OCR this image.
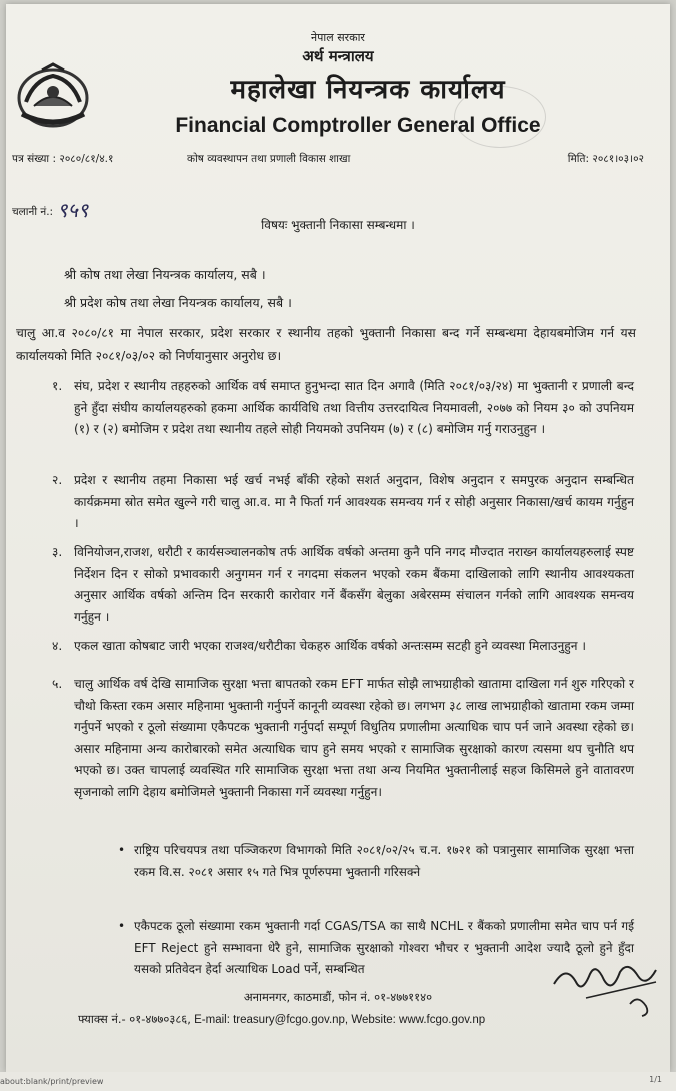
नेपाल सरकार
अर्थ मन्त्रालय
महालेखा नियन्त्रक कार्यालय
Financial Comptroller General Office
पत्र संख्या : २०८०/८१/४.१	कोष व्यवस्थापन तथा प्रणाली विकास शाखा	मिति: २०८१।०३।०२
चलानी नं.: ९५९
विषयः भुक्तानी निकासा सम्बन्धमा ।
श्री कोष तथा लेखा नियन्त्रक कार्यालय, सबै ।
श्री प्रदेश कोष तथा लेखा नियन्त्रक कार्यालय, सबै ।
चालु आ.व २०८०/८१ मा नेपाल सरकार, प्रदेश सरकार र स्थानीय तहको भुक्तानी निकासा बन्द गर्ने सम्बन्धमा देहायबमोजिम गर्न यस कार्यालयको मिति २०८१/०३/०२ को निर्णयानुसार अनुरोध छ।
१. संघ, प्रदेश र स्थानीय तहहरुको आर्थिक वर्ष समाप्त हुनुभन्दा सात दिन अगावै (मिति २०८१/०३/२४) मा भुक्तानी र प्रणाली बन्द हुने हुँदा संघीय कार्यालयहरुको हकमा आर्थिक कार्यविधि तथा वित्तीय उत्तरदायित्व नियमावली, २०७७ को नियम ३० को उपनियम (१) र (२) बमोजिम र प्रदेश तथा स्थानीय तहले सोही नियमको उपनियम (७) र (८) बमोजिम गर्नु गराउनुहुन ।
२. प्रदेश र स्थानीय तहमा निकासा भई खर्च नभई बाँकी रहेको सशर्त अनुदान, विशेष अनुदान र समपुरक अनुदान सम्बन्धित कार्यक्रममा स्रोत समेत खुल्ने गरी चालु आ.व. मा नै फिर्ता गर्न आवश्यक समन्वय गर्न र सोही अनुसार निकासा/खर्च कायम गर्नुहुन ।
३. विनियोजन,राजश, धरौटी र कार्यसञ्चालनकोष तर्फ आर्थिक वर्षको अन्तमा कुनै पनि नगद मौज्दात नराख्न कार्यालयहरुलाई स्पष्ट निर्देशन दिन र सोको प्रभावकारी अनुगमन गर्न र नगदमा संकलन भएको रकम बैंकमा दाखिलाको लागि स्थानीय आवश्यकता अनुसार आर्थिक वर्षको अन्तिम दिन सरकारी कारोवार गर्ने बैंकसँग बेलुका अबेरसम्म संचालन गर्नको लागि आवश्यक समन्वय गर्नुहुन ।
४. एकल खाता कोषबाट जारी भएका राजश्व/धरौटीका चेकहरु आर्थिक वर्षको अन्तःसम्म सटही हुने व्यवस्था मिलाउनुहुन ।
५. चालु आर्थिक वर्ष देखि सामाजिक सुरक्षा भत्ता बापतको रकम EFT मार्फत सोझै लाभग्राहीको खातामा दाखिला गर्न शुरु गरिएको र चौथो किस्ता रकम असार महिनामा भुक्तानी गर्नुपर्ने कानूनी व्यवस्था रहेको छ। लगभग ३८ लाख लाभग्राहीको खातामा रकम जम्मा गर्नुपर्ने भएको र ठूलो संख्यामा एकैपटक भुक्तानी गर्नुपर्दा सम्पूर्ण विधुतिय प्रणालीमा अत्याधिक चाप पर्न जाने अवस्था रहेको छ। असार महिनामा अन्य कारोबारको समेत अत्याधिक चाप हुने समय भएको र सामाजिक सुरक्षाको कारण त्यसमा थप चुनौति थप भएको छ। उक्त चापलाई व्यवस्थित गरि सामाजिक सुरक्षा भत्ता तथा अन्य नियमित भुक्तानीलाई सहज किसिमले हुने वातावरण सृजनाको लागि देहाय बमोजिमले भुक्तानी निकासा गर्ने व्यवस्था गर्नुहुन।
• राष्ट्रिय परिचयपत्र तथा पञ्जिकरण विभागको मिति २०८१/०२/२५ च.न. १७२१ को पत्रानुसार सामाजिक सुरक्षा भत्ता रकम वि.स. २०८१ असार १५ गते भित्र पूर्णरुपमा भुक्तानी गरिसक्ने
• एकैपटक ठूलो संख्यामा रकम भुक्तानी गर्दा CGAS/TSA का साथै NCHL र बैंकको प्रणालीमा समेत चाप पर्न गई EFT Reject हुने सम्भावना धेरै हुने, सामाजिक सुरक्षाको गोश्वरा भौचर र भुक्तानी आदेश ज्यादै ठूलो हुने हुँदा यसको प्रतिवेदन हेर्दा अत्याधिक Load पर्ने, सम्बन्धित
अनामनगर, काठमाडौं, फोन नं. ०१-४७७११४०
फ्याक्स नं.- ०१-४७७०३८६, E-mail: treasury@fcgo.gov.np, Website: www.fcgo.gov.np
about:blank/print/preview	1/1
